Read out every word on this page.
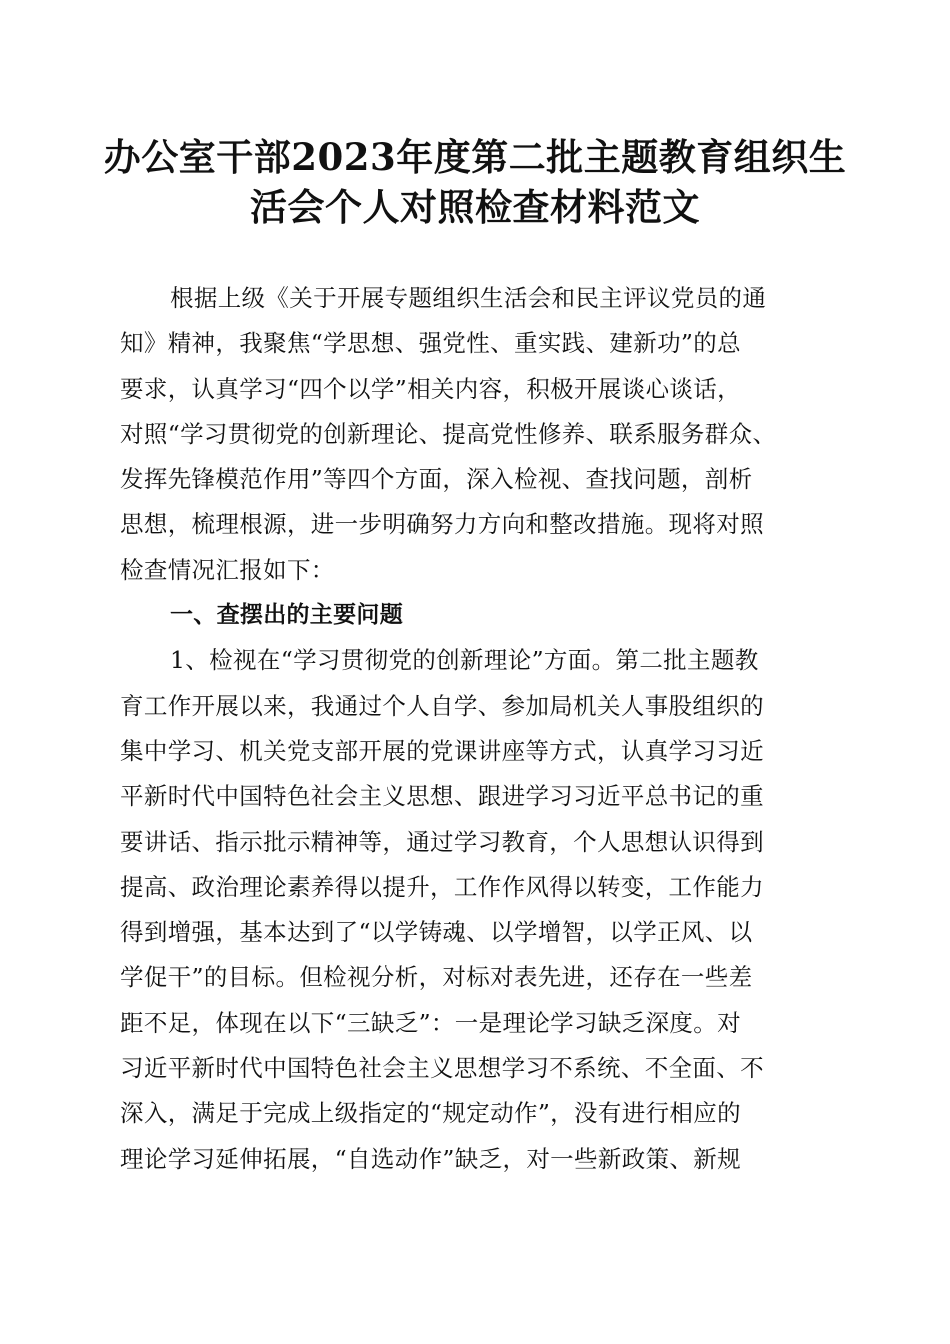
办公室干部2023年度第二批主题教育组织生
活会个人对照检查材料范文
根据上级《关于开展专题组织生活会和民主评议党员的通
知》精神，我聚焦“学思想、强党性、重实践、建新功”的总
要求，认真学习“四个以学”相关内容，积极开展谈心谈话，
对照“学习贯彻党的创新理论、提高党性修养、联系服务群众、
发挥先锋模范作用”等四个方面，深入检视、查找问题，剖析
思想，梳理根源，进一步明确努力方向和整改措施。现将对照
检查情况汇报如下：
一、查摆出的主要问题
1、检视在“学习贯彻党的创新理论”方面。第二批主题教
育工作开展以来，我通过个人自学、参加局机关人事股组织的
集中学习、机关党支部开展的党课讲座等方式，认真学习习近
平新时代中国特色社会主义思想、跟进学习习近平总书记的重
要讲话、指示批示精神等，通过学习教育，个人思想认识得到
提高、政治理论素养得以提升，工作作风得以转变，工作能力
得到增强，基本达到了“以学铸魂、以学增智，以学正风、以
学促干”的目标。但检视分析，对标对表先进，还存在一些差
距不足，体现在以下“三缺乏”：一是理论学习缺乏深度。对
习近平新时代中国特色社会主义思想学习不系统、不全面、不
深入，满足于完成上级指定的“规定动作”，没有进行相应的
理论学习延伸拓展，“自选动作”缺乏，对一些新政策、新规
